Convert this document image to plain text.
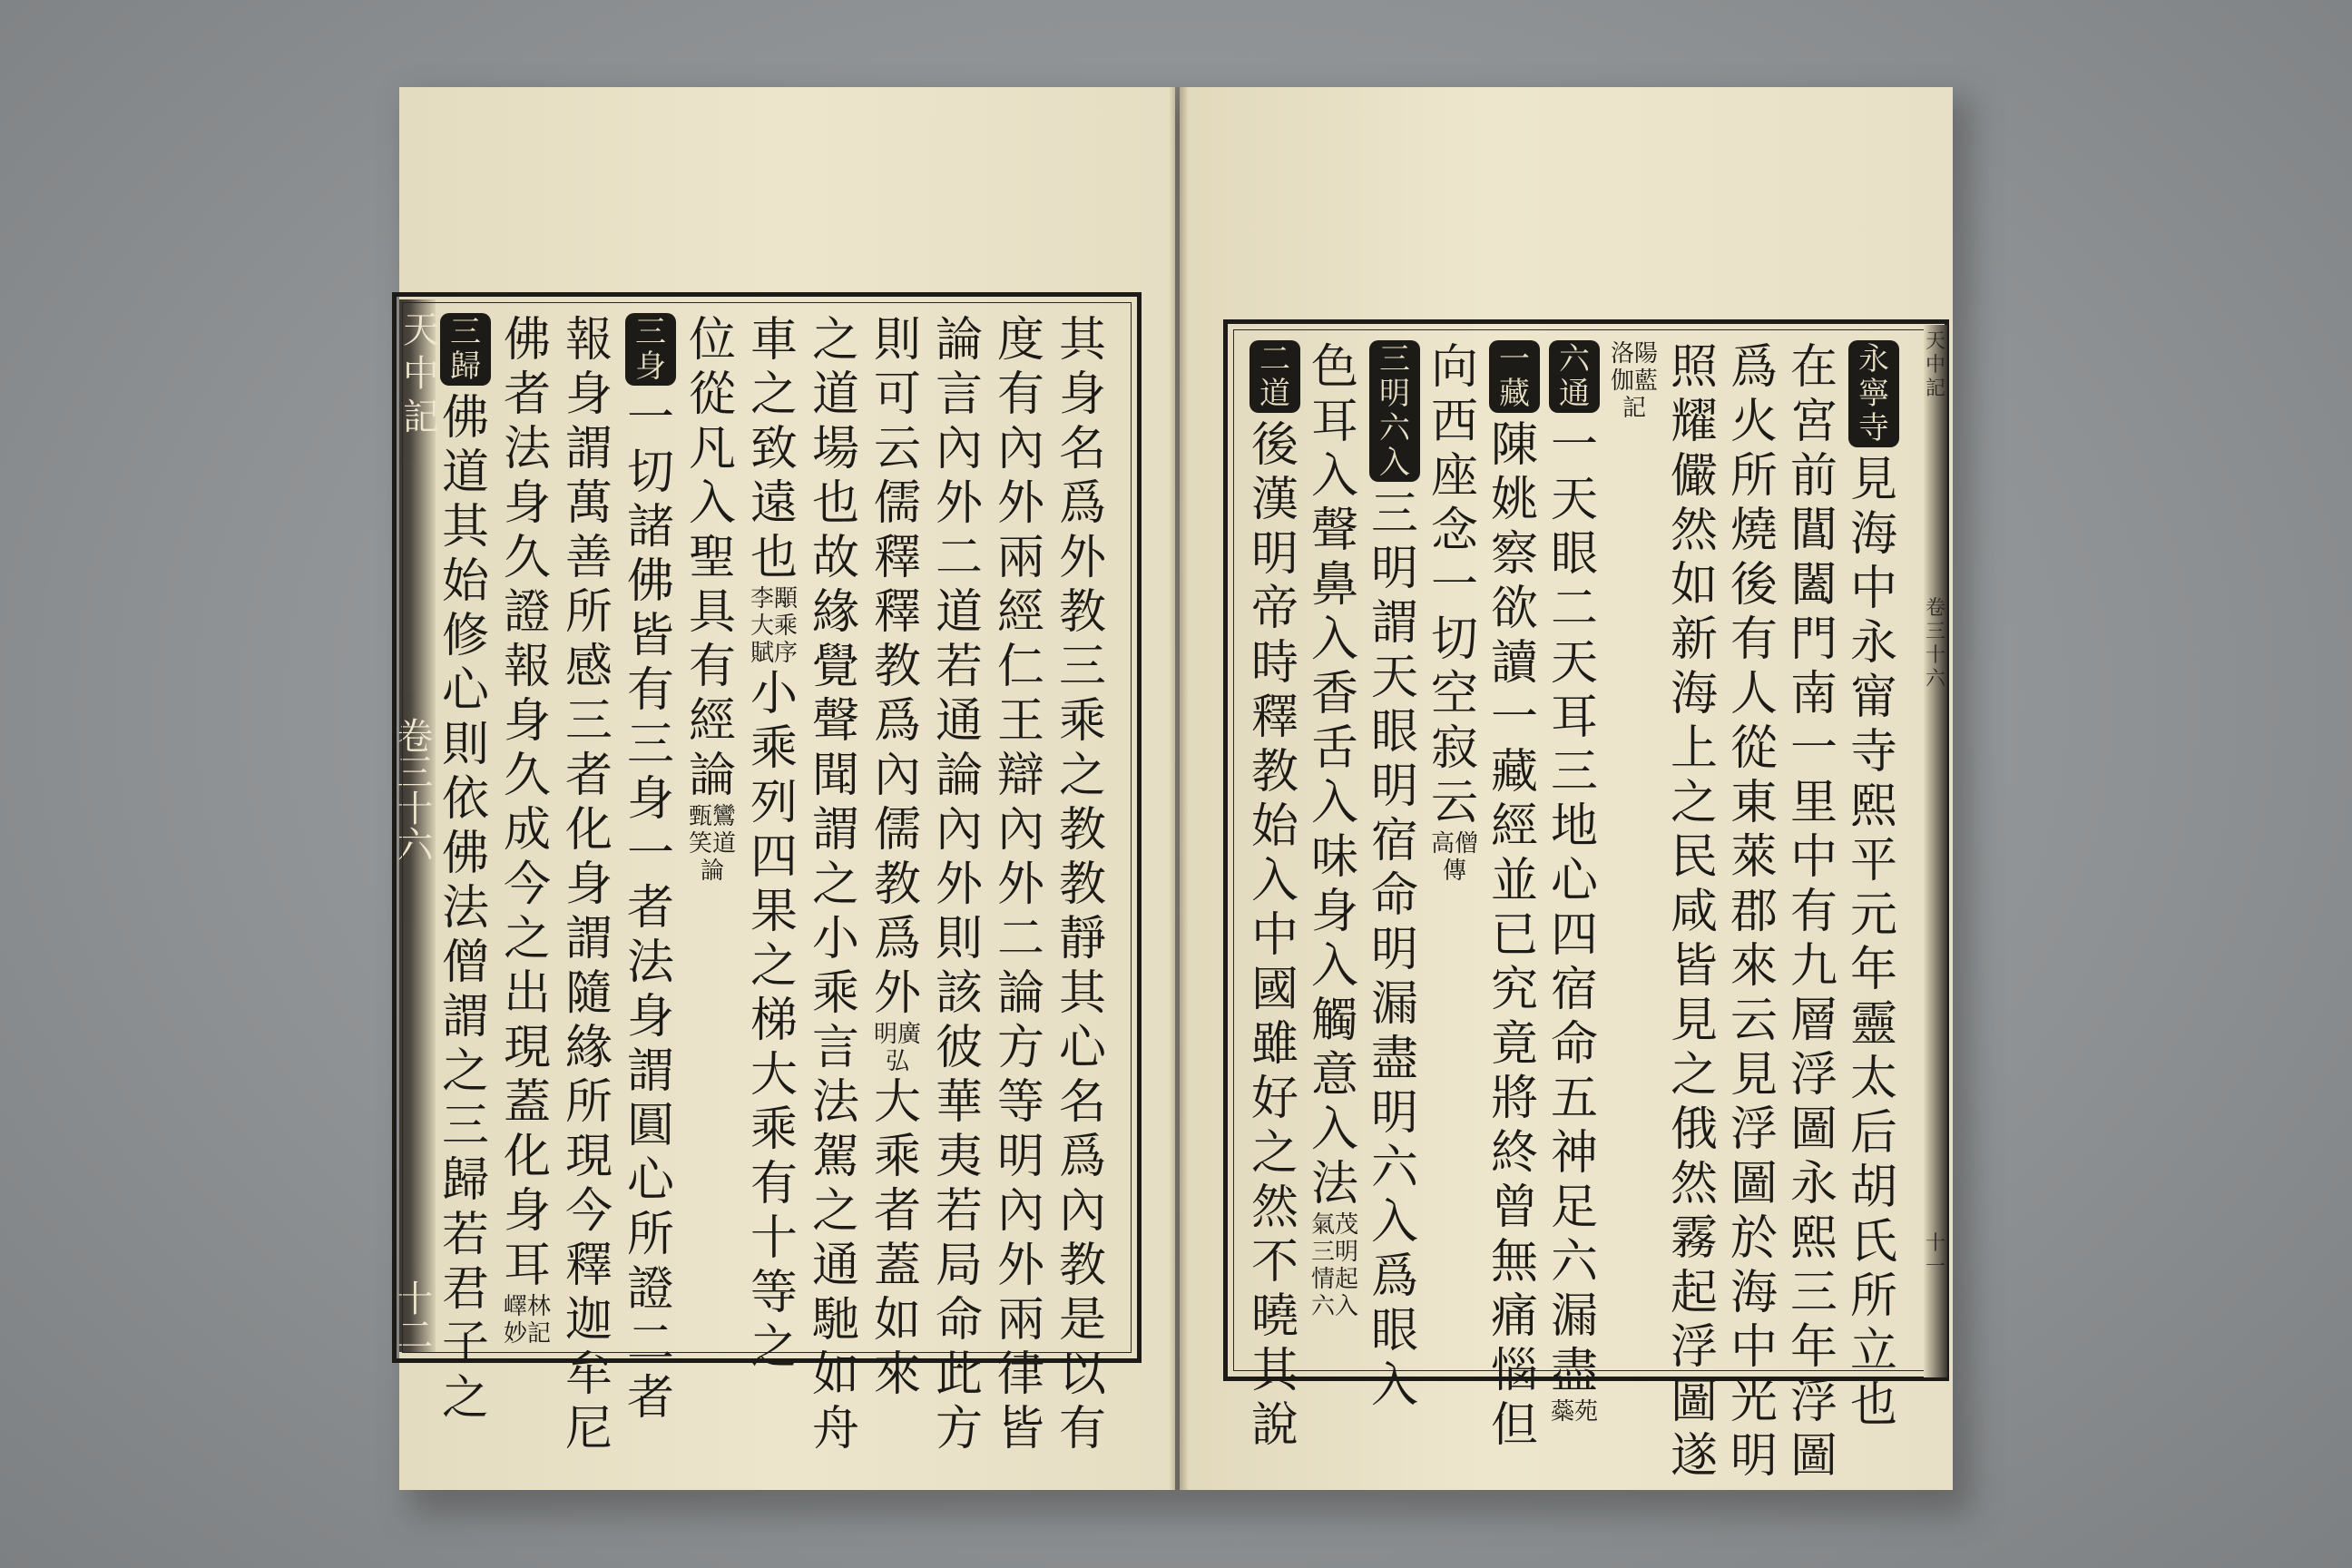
天中記
卷三十六
十二
三歸
佛道其始修心則依佛法僧謂之三歸若君子之
佛者法身久證報身久成今之出現蓋化身耳
嶧林妙記
報身謂萬善所感三者化身謂隨緣所現今釋迦牟尼
三身
一切諸佛皆有三身一者法身謂圓心所證二者
位從凡入聖具有經論
甄鸞笑道論
車之致遠也
李顒大乘賦序
小乘列四果之梯大乘有十等之
之道場也故緣覺聲聞謂之小乘言法駕之通馳如舟
則可云儒釋釋教爲內儒教爲外
明廣弘
大乘者蓋如來
論言內外二道若通論內外則該彼華夷若局命此方
度有內外兩經仁王辯內外二論方等明內外兩律皆
其身名爲外教三乘之教教靜其心名爲內教是以有
二道
後漢明帝時釋教始入中國雖好之然不曉其說
色耳入聲鼻入香舌入味身入觸意入法
氣茂三明情起六入
三明六入
三明謂天眼明宿命明漏盡明六入爲眼入
向西座念一切空寂云
高僧傳
一藏
陳姚察欲讀一藏經並已究竟將終曾無痛惱但
六通
一天眼二天耳三地心四宿命五神足六漏盡
蘂苑
洛陽伽藍記
照耀儼然如新海上之民咸皆見之俄然霧起浮圖遂
爲火所燒後有人從東萊郡來云見浮圖於海中光明
在宮前閶闔門南一里中有九層浮圖永熙三年浮圖
永寧寺
見海中永甯寺熙平元年靈太后胡氏所立也
天中記
卷三十六
十一
